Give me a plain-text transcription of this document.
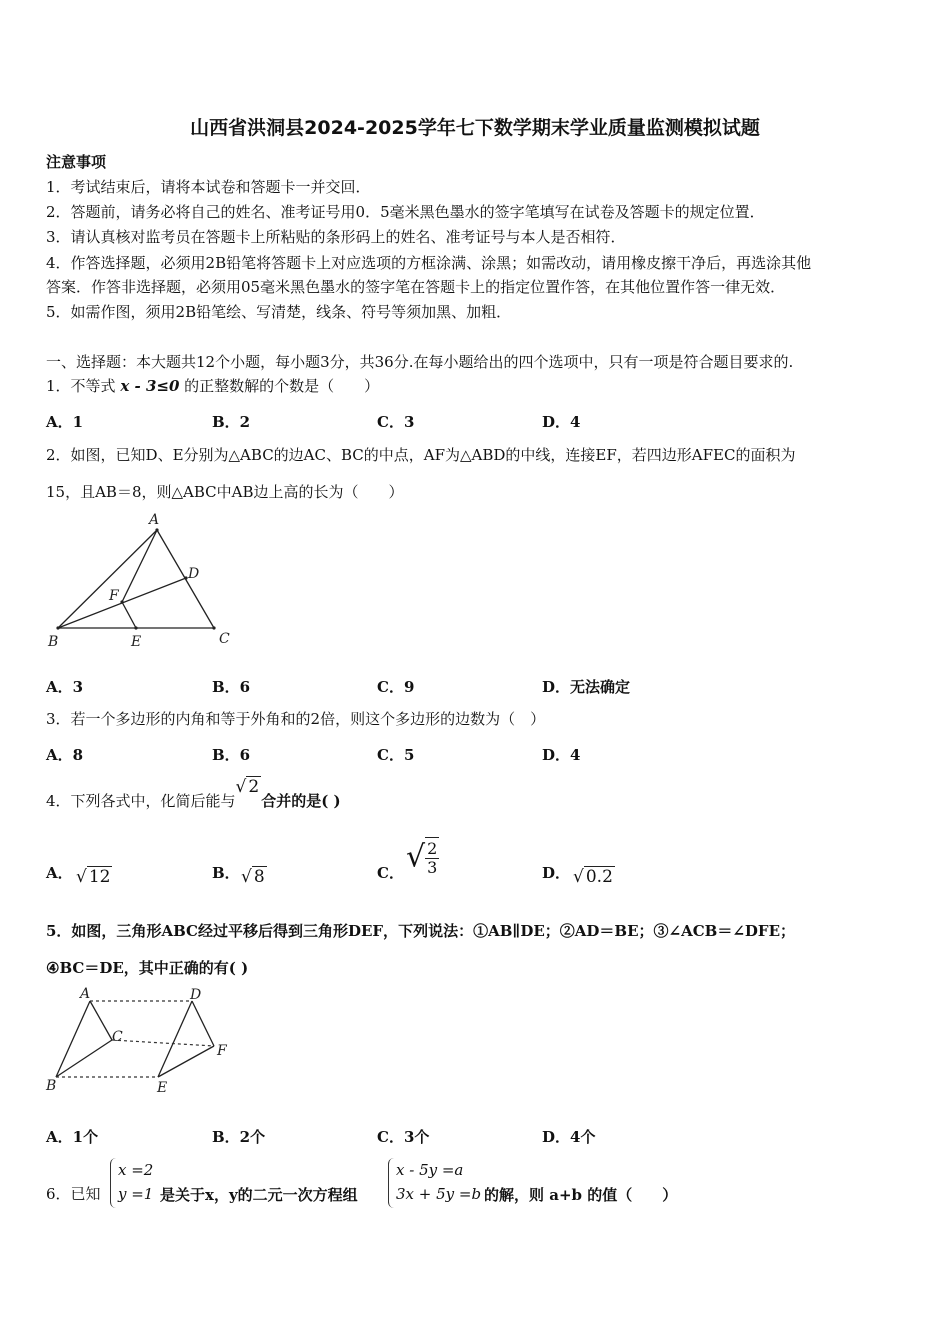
山西省洪洞县2024-2025学年七下数学期末学业质量监测模拟试题
注意事项
1．考试结束后，请将本试卷和答题卡一并交回．
2．答题前，请务必将自己的姓名、准考证号用0．5毫米黑色墨水的签字笔填写在试卷及答题卡的规定位置．
3．请认真核对监考员在答题卡上所粘贴的条形码上的姓名、准考证号与本人是否相符．
4．作答选择题，必须用2B铅笔将答题卡上对应选项的方框涂满、涂黑；如需改动，请用橡皮擦干净后，再选涂其他
答案．作答非选择题，必须用05毫米黑色墨水的签字笔在答题卡上的指定位置作答，在其他位置作答一律无效．
5．如需作图，须用2B铅笔绘、写清楚，线条、符号等须加黑、加粗．
一、选择题：本大题共12个小题，每小题3分，共36分.在每小题给出的四个选项中，只有一项是符合题目要求的.
1．不等式 x - 3≤0 的正整数解的个数是（　　）
A．1	B．2	C．3	D．4
2．如图，已知D、E分别为△ABC的边AC、BC的中点，AF为△ABD的中线，连接EF，若四边形AFEC的面积为
15，且AB＝8，则△ABC中AB边上高的长为（　　）
A
D
F
B	E	C
A．3	B．6	C．9	D．无法确定
3．若一个多边形的内角和等于外角和的2倍，则这个多边形的边数为（　）
A．8	B．6	C．5	D．4
4．下列各式中，化简后能与√ 2合并的是( )
A． √ 12	B． √ 8	C． √ $\frac{2}{3}$	D． √ 0.2
5．如图，三角形ABC经过平移后得到三角形DEF，下列说法：①AB∥DE；②AD＝BE；③∠ACB＝∠DFE；
④BC＝DE，其中正确的有( )
A	D
C
F
B	E
A．1个	B．2个	C．3个	D．4个
6．已知
x =2
y =1 是关于x，y的二元一次方程组
x - 5y =a
3x + 5y =b 的解，则 a+b 的值（　　）
